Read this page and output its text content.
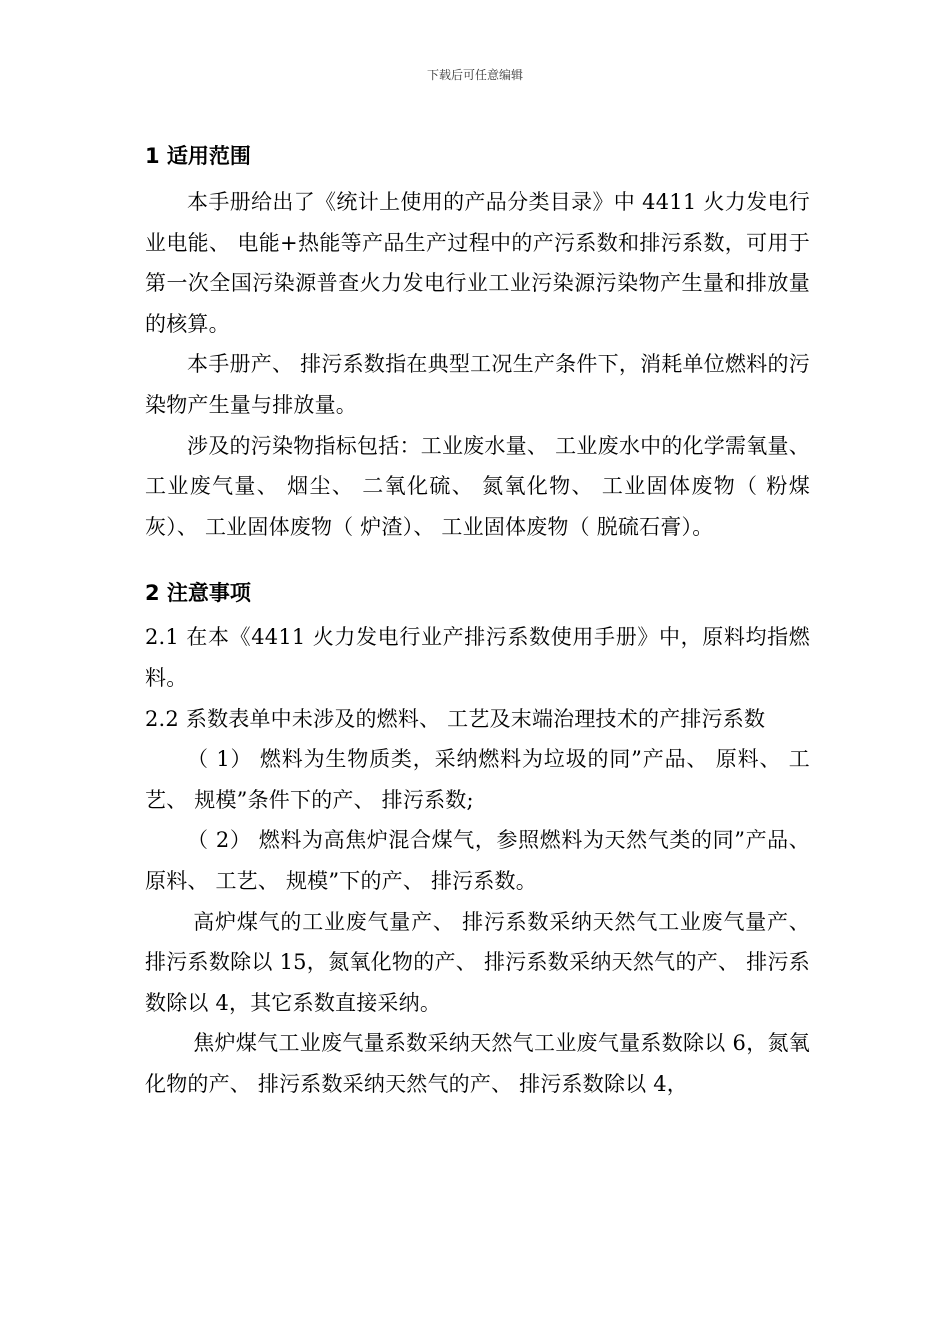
下载后可任意编辑
1 适用范围

本手册给出了《统计上使用的产品分类目录》中 4411 火力发电行业电能、 电能+热能等产品生产过程中的产污系数和排污系数，可用于第一次全国污染源普查火力发电行业工业污染源污染物产生量和排放量的核算。

本手册产、 排污系数指在典型工况生产条件下，消耗单位燃料的污染物产生量与排放量。

涉及的污染物指标包括：工业废水量、 工业废水中的化学需氧量、 工业废气量、 烟尘、 二氧化硫、 氮氧化物、 工业固体废物（ 粉煤灰）、 工业固体废物（ 炉渣）、 工业固体废物（ 脱硫石膏）。

2 注意事项

2.1 在本《4411 火力发电行业产排污系数使用手册》中，原料均指燃料。

2.2 系数表单中未涉及的燃料、 工艺及末端治理技术的产排污系数

（ 1） 燃料为生物质类，采纳燃料为垃圾的同”产品、 原料、 工艺、 规模”条件下的产、 排污系数;

（ 2） 燃料为高焦炉混合煤气，参照燃料为天然气类的同”产品、 原料、 工艺、 规模”下的产、 排污系数。

高炉煤气的工业废气量产、 排污系数采纳天然气工业废气量产、 排污系数除以 15，氮氧化物的产、 排污系数采纳天然气的产、 排污系数除以 4，其它系数直接采纳。

焦炉煤气工业废气量系数采纳天然气工业废气量系数除以 6，氮氧化物的产、 排污系数采纳天然气的产、 排污系数除以 4，
